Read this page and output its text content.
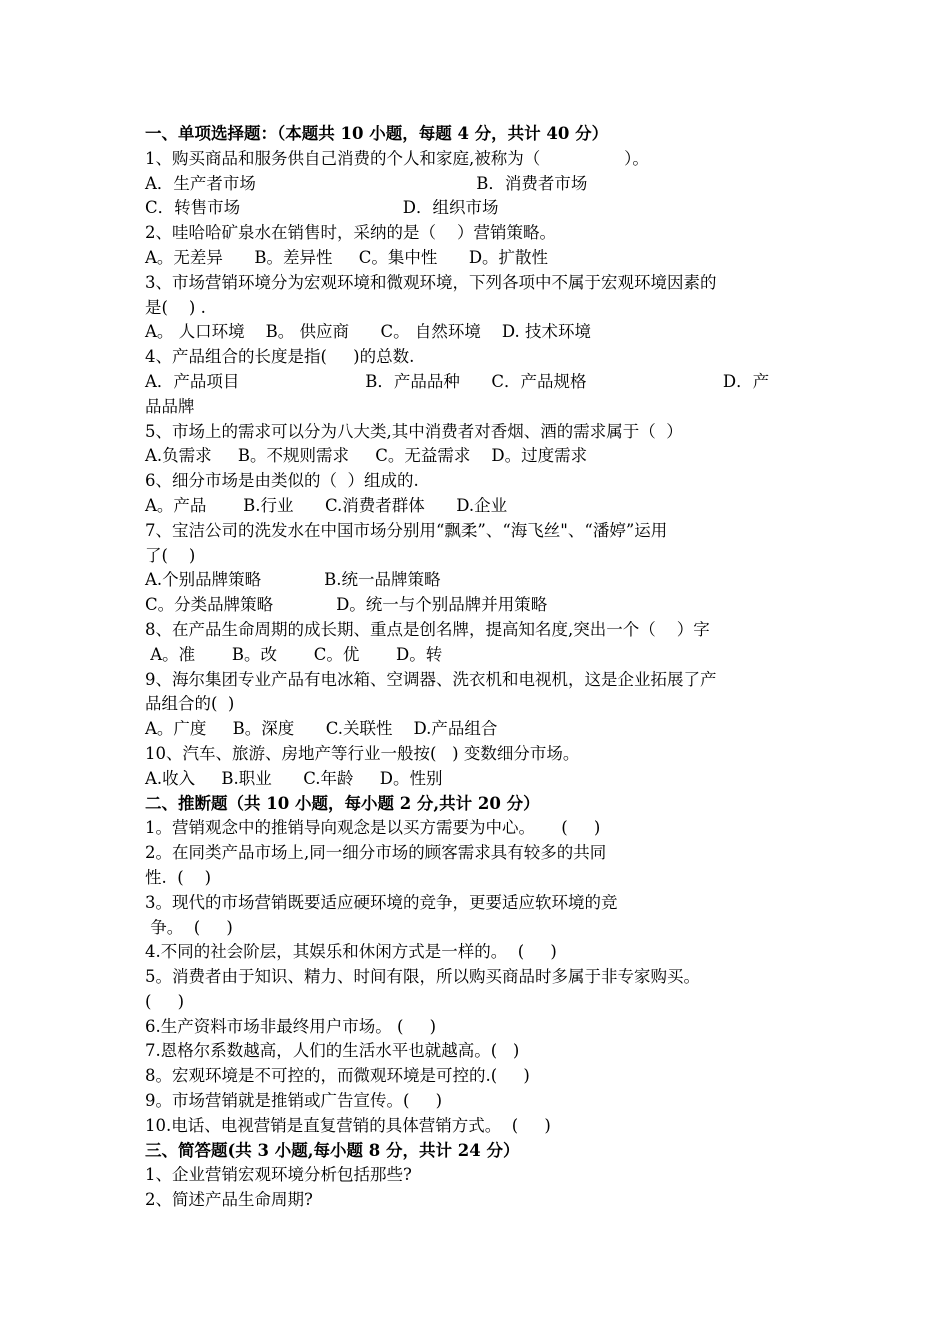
一、单项选择题：（本题共 10 小题，每题 4 分，共计 40 分）
1、购买商品和服务供自己消费的个人和家庭,被称为（                ）。
A．生产者市场                                          B．消费者市场
C．转售市场                               D．组织市场
2、哇哈哈矿泉水在销售时，采纳的是（    ）营销策略。
A。无差异      B。差异性     C。集中性      D。扩散性
3、市场营销环境分为宏观环境和微观环境，下列各项中不属于宏观环境因素的
是(    ) .
A。 人口环境    B。 供应商      C。 自然环境    D. 技术环境
4、产品组合的长度是指(     )的总数.
A．产品项目                        B．产品品种      C．产品规格                          D．产
品品牌
5、市场上的需求可以分为八大类,其中消费者对香烟、酒的需求属于（  ）
A.负需求     B。不规则需求     C。无益需求    D。过度需求
6、细分市场是由类似的（  ）组成的.
A。产品       B.行业      C.消费者群体      D.企业
7、宝洁公司的洗发水在中国市场分别用“飘柔”、“海飞丝"、“潘婷”运用
了(    )
A.个别品牌策略            B.统一品牌策略
C。分类品牌策略            D。统一与个别品牌并用策略
8、在产品生命周期的成长期、重点是创名牌，提高知名度,突出一个（    ）字
A。准       B。改       C。优       D。转
9、海尔集团专业产品有电冰箱、空调器、洗衣机和电视机，这是企业拓展了产
品组合的(  )
A。广度     B。深度      C.关联性    D.产品组合
10、汽车、旅游、房地产等行业一般按(   ) 变数细分市场。
A.收入     B.职业      C.年龄     D。性别
二、推断题（共 10 小题，每小题 2 分,共计 20 分）
1。营销观念中的推销导向观念是以买方需要为中心。     (     )
2。在同类产品市场上,同一细分市场的顾客需求具有较多的共同
性.  (    )
3。现代的市场营销既要适应硬环境的竞争，更要适应软环境的竞
争。  (     )
4.不同的社会阶层，其娱乐和休闲方式是一样的。  (     )
5。消费者由于知识、精力、时间有限，所以购买商品时多属于非专家购买。
(     )
6.生产资料市场非最终用户市场。 (     )
7.恩格尔系数越高，人们的生活水平也就越高。(   )
8。宏观环境是不可控的，而微观环境是可控的.(     )
9。市场营销就是推销或广告宣传。(     )
10.电话、电视营销是直复营销的具体营销方式。  (     )
三、简答题(共 3 小题,每小题 8 分，共计 24 分）
1、企业营销宏观环境分析包括那些?
2、简述产品生命周期?
